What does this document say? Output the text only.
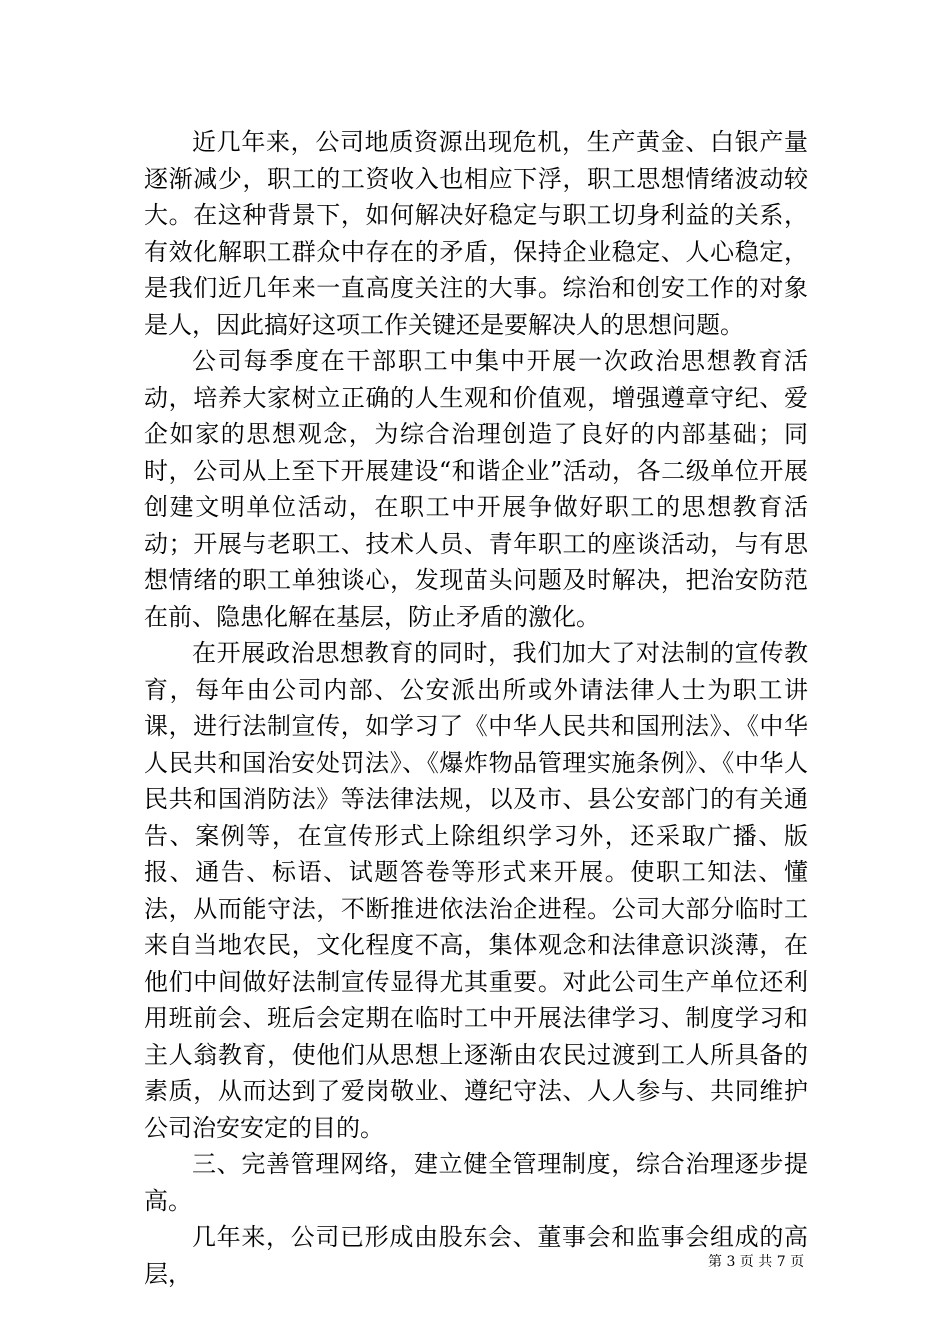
近几年来，公司地质资源出现危机，生产黄金、白银产量逐渐减少，职工的工资收入也相应下浮，职工思想情绪波动较大。在这种背景下，如何解决好稳定与职工切身利益的关系，有效化解职工群众中存在的矛盾，保持企业稳定、人心稳定，是我们近几年来一直高度关注的大事。综治和创安工作的对象是人，因此搞好这项工作关键还是要解决人的思想问题。

公司每季度在干部职工中集中开展一次政治思想教育活动，培养大家树立正确的人生观和价值观，增强遵章守纪、爱企如家的思想观念，为综合治理创造了良好的内部基础；同时，公司从上至下开展建设“和谐企业”活动，各二级单位开展创建文明单位活动，在职工中开展争做好职工的思想教育活动；开展与老职工、技术人员、青年职工的座谈活动，与有思想情绪的职工单独谈心，发现苗头问题及时解决，把治安防范在前、隐患化解在基层，防止矛盾的激化。

在开展政治思想教育的同时，我们加大了对法制的宣传教育，每年由公司内部、公安派出所或外请法律人士为职工讲课，进行法制宣传，如学习了《中华人民共和国刑法》、《中华人民共和国治安处罚法》、《爆炸物品管理实施条例》、《中华人民共和国消防法》等法律法规，以及市、县公安部门的有关通告、案例等，在宣传形式上除组织学习外，还采取广播、版报、通告、标语、试题答卷等形式来开展。使职工知法、懂法，从而能守法，不断推进依法治企进程。公司大部分临时工来自当地农民，文化程度不高，集体观念和法律意识淡薄，在他们中间做好法制宣传显得尤其重要。对此公司生产单位还利用班前会、班后会定期在临时工中开展法律学习、制度学习和主人翁教育，使他们从思想上逐渐由农民过渡到工人所具备的素质，从而达到了爱岗敬业、遵纪守法、人人参与、共同维护公司治安安定的目的。

三、完善管理网络，建立健全管理制度，综合治理逐步提高。

几年来，公司已形成由股东会、董事会和监事会组成的高层，	第 3 页 共 7 页
